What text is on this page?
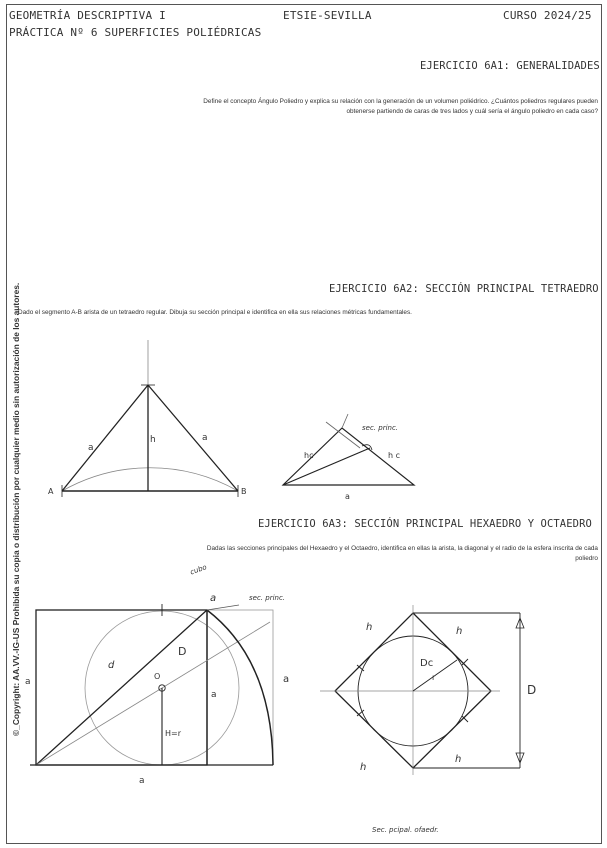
GEOMETRÍA DESCRIPTIVA I	ETSIE-SEVILLA	CURSO 2024/25
PRÁCTICA Nº 6 SUPERFICIES POLIÉDRICAS
EJERCICIO 6A1: GENERALIDADES
Define el concepto Ángulo Poliedro y explica su relación con la generación de un volumen poliédrico. ¿Cuántos poliedros regulares pueden
obtenerse partiendo de caras de tres lados y cuál sería el ángulo poliedro en cada caso?
EJERCICIO 6A2: SECCIÓN PRINCIPAL TETRAEDRO
Dado el segmento A-B arista de un tetraedro regular. Dibuja su sección principal e identifica en ella sus relaciones métricas fundamentales.
EJERCICIO 6A3: SECCIÓN PRINCIPAL HEXAEDRO Y OCTAEDRO
Dadas las secciones principales del Hexaedro y el Octaedro, identifica en ellas la arista, la diagonal y el radio de la esfera inscrita de cada
poliedro
©_Copyright: AA.VV.-IG-US Prohibida su copia o distribución por cualquier medio sin autorización de los autores.	a
h	a
A	B
sec. princ.
hc	h c
a
a
d
D
O
a
a
a
a
H=r
sec. princ.
cubo
h	h
h
h
D
Dc
r
Sec. pcipal. ofaedr.
